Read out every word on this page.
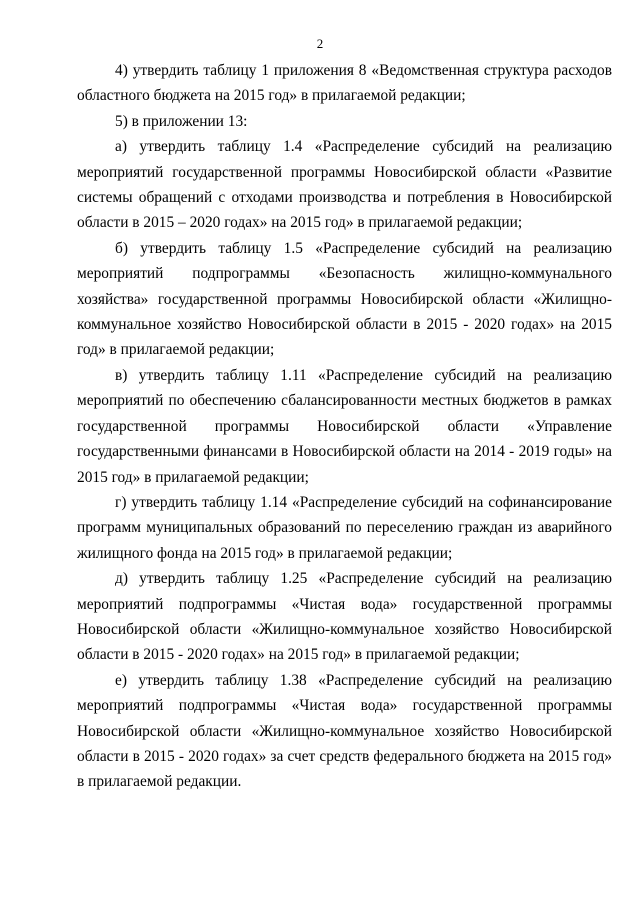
2

4) утвердить таблицу 1 приложения 8 «Ведомственная структура расходов областного бюджета на 2015 год» в прилагаемой редакции;

5) в приложении 13:

а) утвердить таблицу 1.4 «Распределение субсидий на реализацию мероприятий государственной программы Новосибирской области «Развитие системы обращений с отходами производства и потребления в Новосибирской области в 2015 – 2020 годах» на 2015 год» в прилагаемой редакции;

б) утвердить таблицу 1.5 «Распределение субсидий на реализацию мероприятий подпрограммы «Безопасность жилищно-коммунального хозяйства» государственной программы Новосибирской области «Жилищно-коммунальное хозяйство Новосибирской области в 2015 - 2020 годах» на 2015 год» в прилагаемой редакции;

в) утвердить таблицу 1.11 «Распределение субсидий на реализацию мероприятий по обеспечению сбалансированности местных бюджетов в рамках государственной программы Новосибирской области «Управление государственными финансами в Новосибирской области на 2014 - 2019 годы» на 2015 год» в прилагаемой редакции;

г) утвердить таблицу 1.14 «Распределение субсидий на софинансирование программ муниципальных образований по переселению граждан из аварийного жилищного фонда на 2015 год» в прилагаемой редакции;

д) утвердить таблицу 1.25 «Распределение субсидий на реализацию мероприятий подпрограммы «Чистая вода» государственной программы Новосибирской области «Жилищно-коммунальное хозяйство Новосибирской области в 2015 - 2020 годах» на 2015 год» в прилагаемой редакции;

е) утвердить таблицу 1.38 «Распределение субсидий на реализацию мероприятий подпрограммы «Чистая вода» государственной программы Новосибирской области «Жилищно-коммунальное хозяйство Новосибирской области в 2015 - 2020 годах» за счет средств федерального бюджета на 2015 год» в прилагаемой редакции.
